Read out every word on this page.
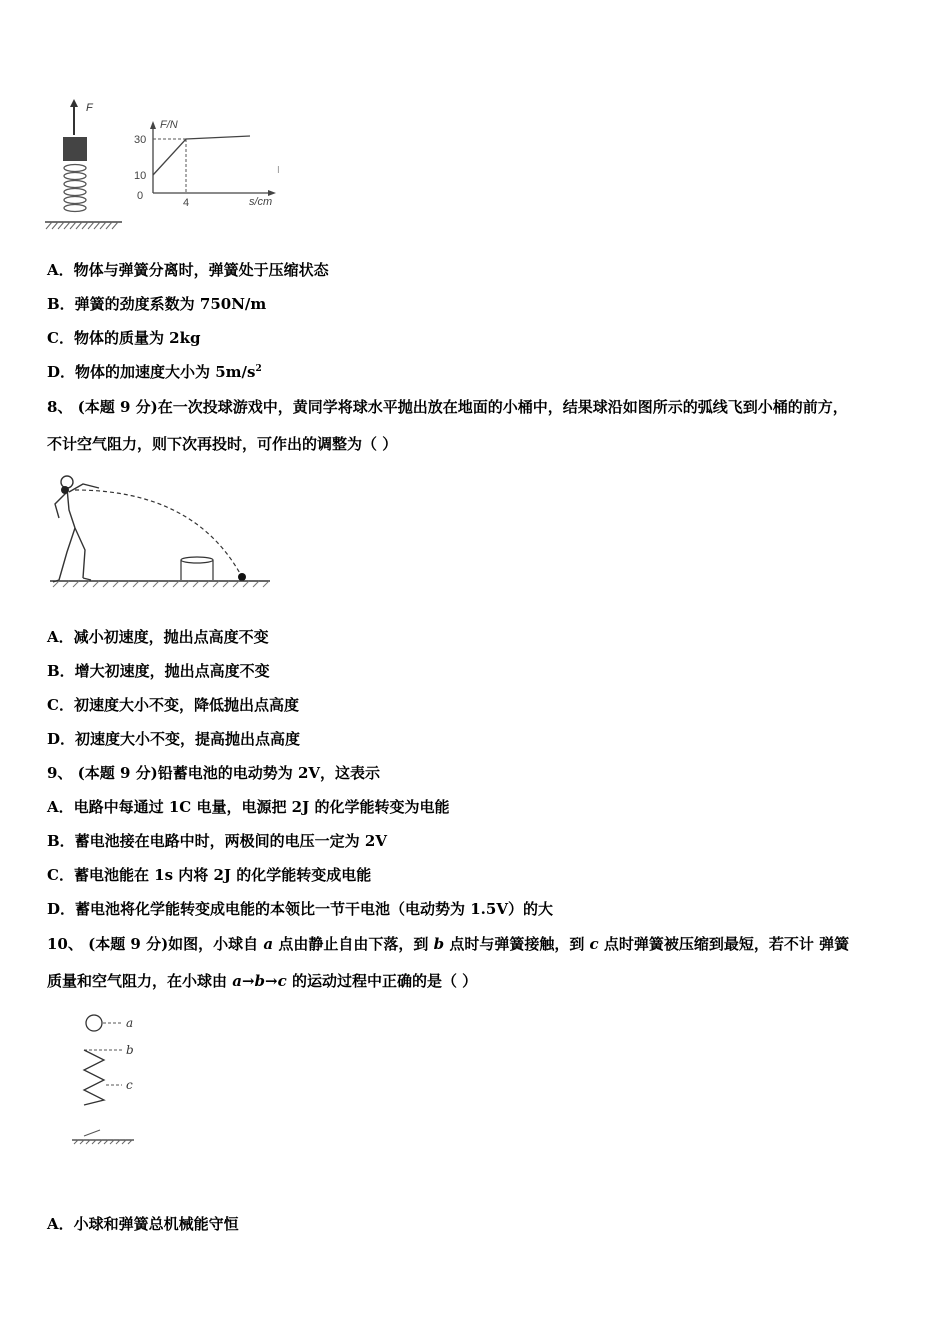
F
F/N
s/cm
30
10
0
4
I
A．物体与弹簧分离时，弹簧处于压缩状态
B．弹簧的劲度系数为 750N/m
C．物体的质量为 2kg
D．物体的加速度大小为 $5m/s^2$
8、 (本题 9 分)在一次投球游戏中，黄同学将球水平抛出放在地面的小桶中，结果球沿如图所示的弧线飞到小桶的前方，
不计空气阻力，则下次再投时，可作出的调整为（ ）
A．减小初速度，抛出点高度不变
B．增大初速度，抛出点高度不变
C．初速度大小不变，降低抛出点高度
D．初速度大小不变，提高抛出点高度
9、 (本题 9 分)铅蓄电池的电动势为 2V，这表示
A．电路中每通过 1C 电量，电源把 2J 的化学能转变为电能
B．蓄电池接在电路中时，两极间的电压一定为 2V
C．蓄电池能在 1s 内将 2J 的化学能转变成电能
D．蓄电池将化学能转变成电能的本领比一节干电池（电动势为 1.5V）的大
10、 (本题 9 分)如图，小球自 a 点由静止自由下落，到 b 点时与弹簧接触，到 c 点时弹簧被压缩到最短，若不计 弹簧
质量和空气阻力，在小球由 a→b→c 的运动过程中正确的是（ ）
a
b
c
A．小球和弹簧总机械能守恒
